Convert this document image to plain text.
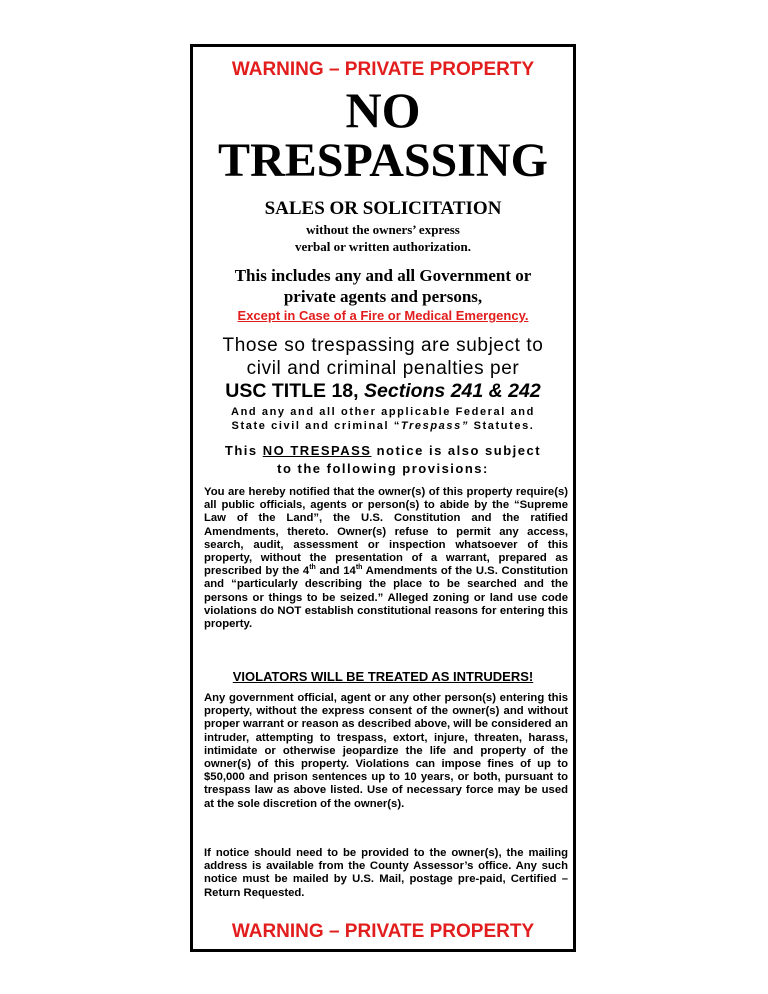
WARNING – PRIVATE PROPERTY
NO
TRESPASSING
SALES OR SOLICITATION
without the owners’ express
verbal or written authorization.
This includes any and all Government or
private agents and persons,
Except in Case of a Fire or Medical Emergency.
Those so trespassing are subject to
civil and criminal penalties per
USC TITLE 18, Sections 241 & 242
And any and all other applicable Federal and
State civil and criminal “Trespass” Statutes.
This NO TRESPASS notice is also subject
to the following provisions:
You are hereby notified that the owner(s) of this property require(s) all public officials, agents or person(s) to abide by the “Supreme Law of the Land”, the U.S. Constitution and the ratified Amendments, thereto. Owner(s) refuse to permit any access, search, audit, assessment or inspection whatsoever of this property, without the presentation of a warrant, prepared as prescribed by the 4th and 14th Amendments of the U.S. Constitution and “particularly describing the place to be searched and the persons or things to be seized.” Alleged zoning or land use code violations do NOT establish constitutional reasons for entering this property.
VIOLATORS WILL BE TREATED AS INTRUDERS!
Any government official, agent or any other person(s) entering this property, without the express consent of the owner(s) and without proper warrant or reason as described above, will be considered an intruder, attempting to trespass, extort, injure, threaten, harass, intimidate or otherwise jeopardize the life and property of the owner(s) of this property. Violations can impose fines of up to $50,000 and prison sentences up to 10 years, or both, pursuant to trespass law as above listed. Use of necessary force may be used at the sole discretion of the owner(s).
If notice should need to be provided to the owner(s), the mailing address is available from the County Assessor’s office. Any such notice must be mailed by U.S. Mail, postage pre-paid, Certified – Return Requested.
WARNING – PRIVATE PROPERTY
